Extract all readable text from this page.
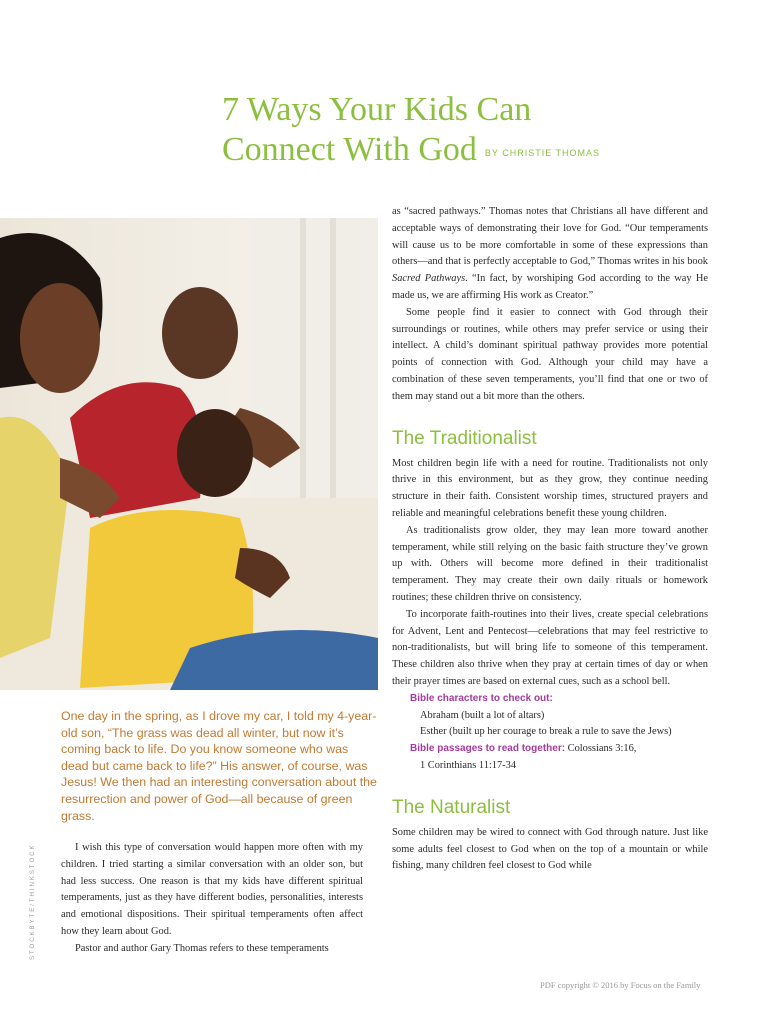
7 Ways Your Kids Can
Connect With God BY CHRISTIE THOMAS
STOCKBYTE/THINKSTOCK

One day in the spring, as I drove my car, I told my 4-year-old son, “The grass was dead all winter, but now it’s coming back to life. Do you know someone who was dead but came back to life?” His answer, of course, was Jesus! We then had an interesting conversation about the resurrection and power of God—all because of green grass.

I wish this type of conversation would happen more often with my children. I tried starting a similar conversation with an older son, but had less success. One reason is that my kids have different spiritual temperaments, just as they have different bodies, personalities, interests and emotional dispositions. Their spiritual temperaments often affect how they learn about God.

Pastor and author Gary Thomas refers to these temperaments

as “sacred pathways.” Thomas notes that Christians all have different and acceptable ways of demonstrating their love for God. “Our temperaments will cause us to be more comfortable in some of these expressions than others—and that is perfectly acceptable to God,” Thomas writes in his book Sacred Pathways. “In fact, by worshiping God according to the way He made us, we are affirming His work as Creator.”

Some people find it easier to connect with God through their surroundings or routines, while others may prefer service or using their intellect. A child’s dominant spiritual pathway provides more potential points of connection with God. Although your child may have a combination of these seven temperaments, you’ll find that one or two of them may stand out a bit more than the others.

The Traditionalist

Most children begin life with a need for routine. Traditionalists not only thrive in this environment, but as they grow, they continue needing structure in their faith. Consistent worship times, structured prayers and reliable and meaningful celebrations benefit these young children.

As traditionalists grow older, they may lean more toward another temperament, while still relying on the basic faith structure they’ve grown up with. Others will become more defined in their traditionalist temperament. They may create their own daily rituals or homework routines; these children thrive on consistency.

To incorporate faith-routines into their lives, create special celebrations for Advent, Lent and Pentecost—celebrations that may feel restrictive to non-traditionalists, but will bring life to someone of this temperament. These children also thrive when they pray at certain times of day or when their prayer times are based on external cues, such as a school bell.

Bible characters to check out:

Abraham (built a lot of altars)

Esther (built up her courage to break a rule to save the Jews)

Bible passages to read together: Colossians 3:16,

1 Corinthians 11:17-34

The Naturalist

Some children may be wired to connect with God through nature. Just like some adults feel closest to God when on the top of a mountain or while fishing, many children feel closest to God while

PDF copyright © 2016 by Focus on the Family
